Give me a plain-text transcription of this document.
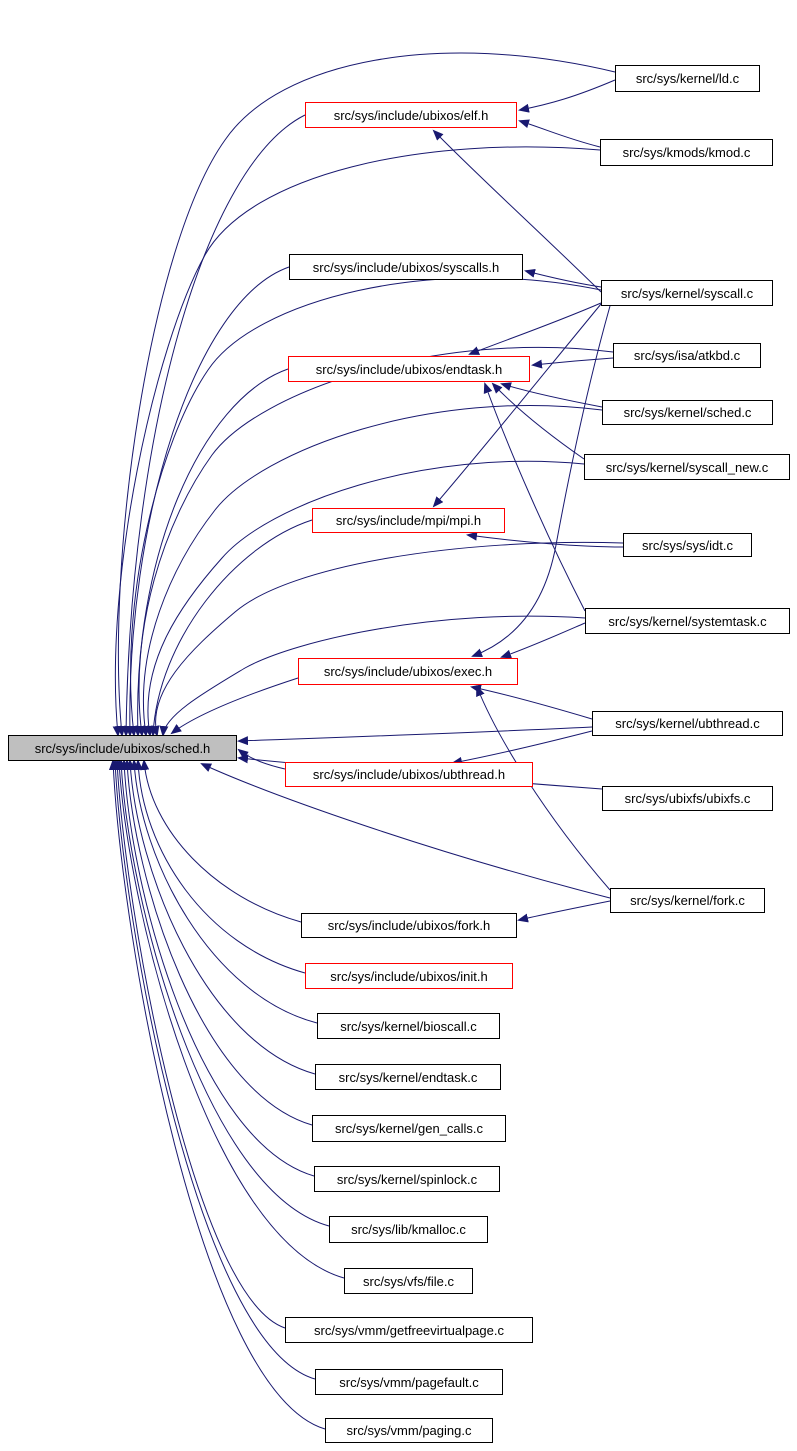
src/sys/kernel/ld.c
src/sys/include/ubixos/elf.h
src/sys/kmods/kmod.c
src/sys/include/ubixos/syscalls.h
src/sys/kernel/syscall.c
src/sys/isa/atkbd.c
src/sys/include/ubixos/endtask.h
src/sys/kernel/sched.c
src/sys/kernel/syscall_new.c
src/sys/include/mpi/mpi.h
src/sys/sys/idt.c
src/sys/kernel/systemtask.c
src/sys/include/ubixos/exec.h
src/sys/kernel/ubthread.c
src/sys/include/ubixos/sched.h
src/sys/include/ubixos/ubthread.h
src/sys/ubixfs/ubixfs.c
src/sys/kernel/fork.c
src/sys/include/ubixos/fork.h
src/sys/include/ubixos/init.h
src/sys/kernel/bioscall.c
src/sys/kernel/endtask.c
src/sys/kernel/gen_calls.c
src/sys/kernel/spinlock.c
src/sys/lib/kmalloc.c
src/sys/vfs/file.c
src/sys/vmm/getfreevirtualpage.c
src/sys/vmm/pagefault.c
src/sys/vmm/paging.c
